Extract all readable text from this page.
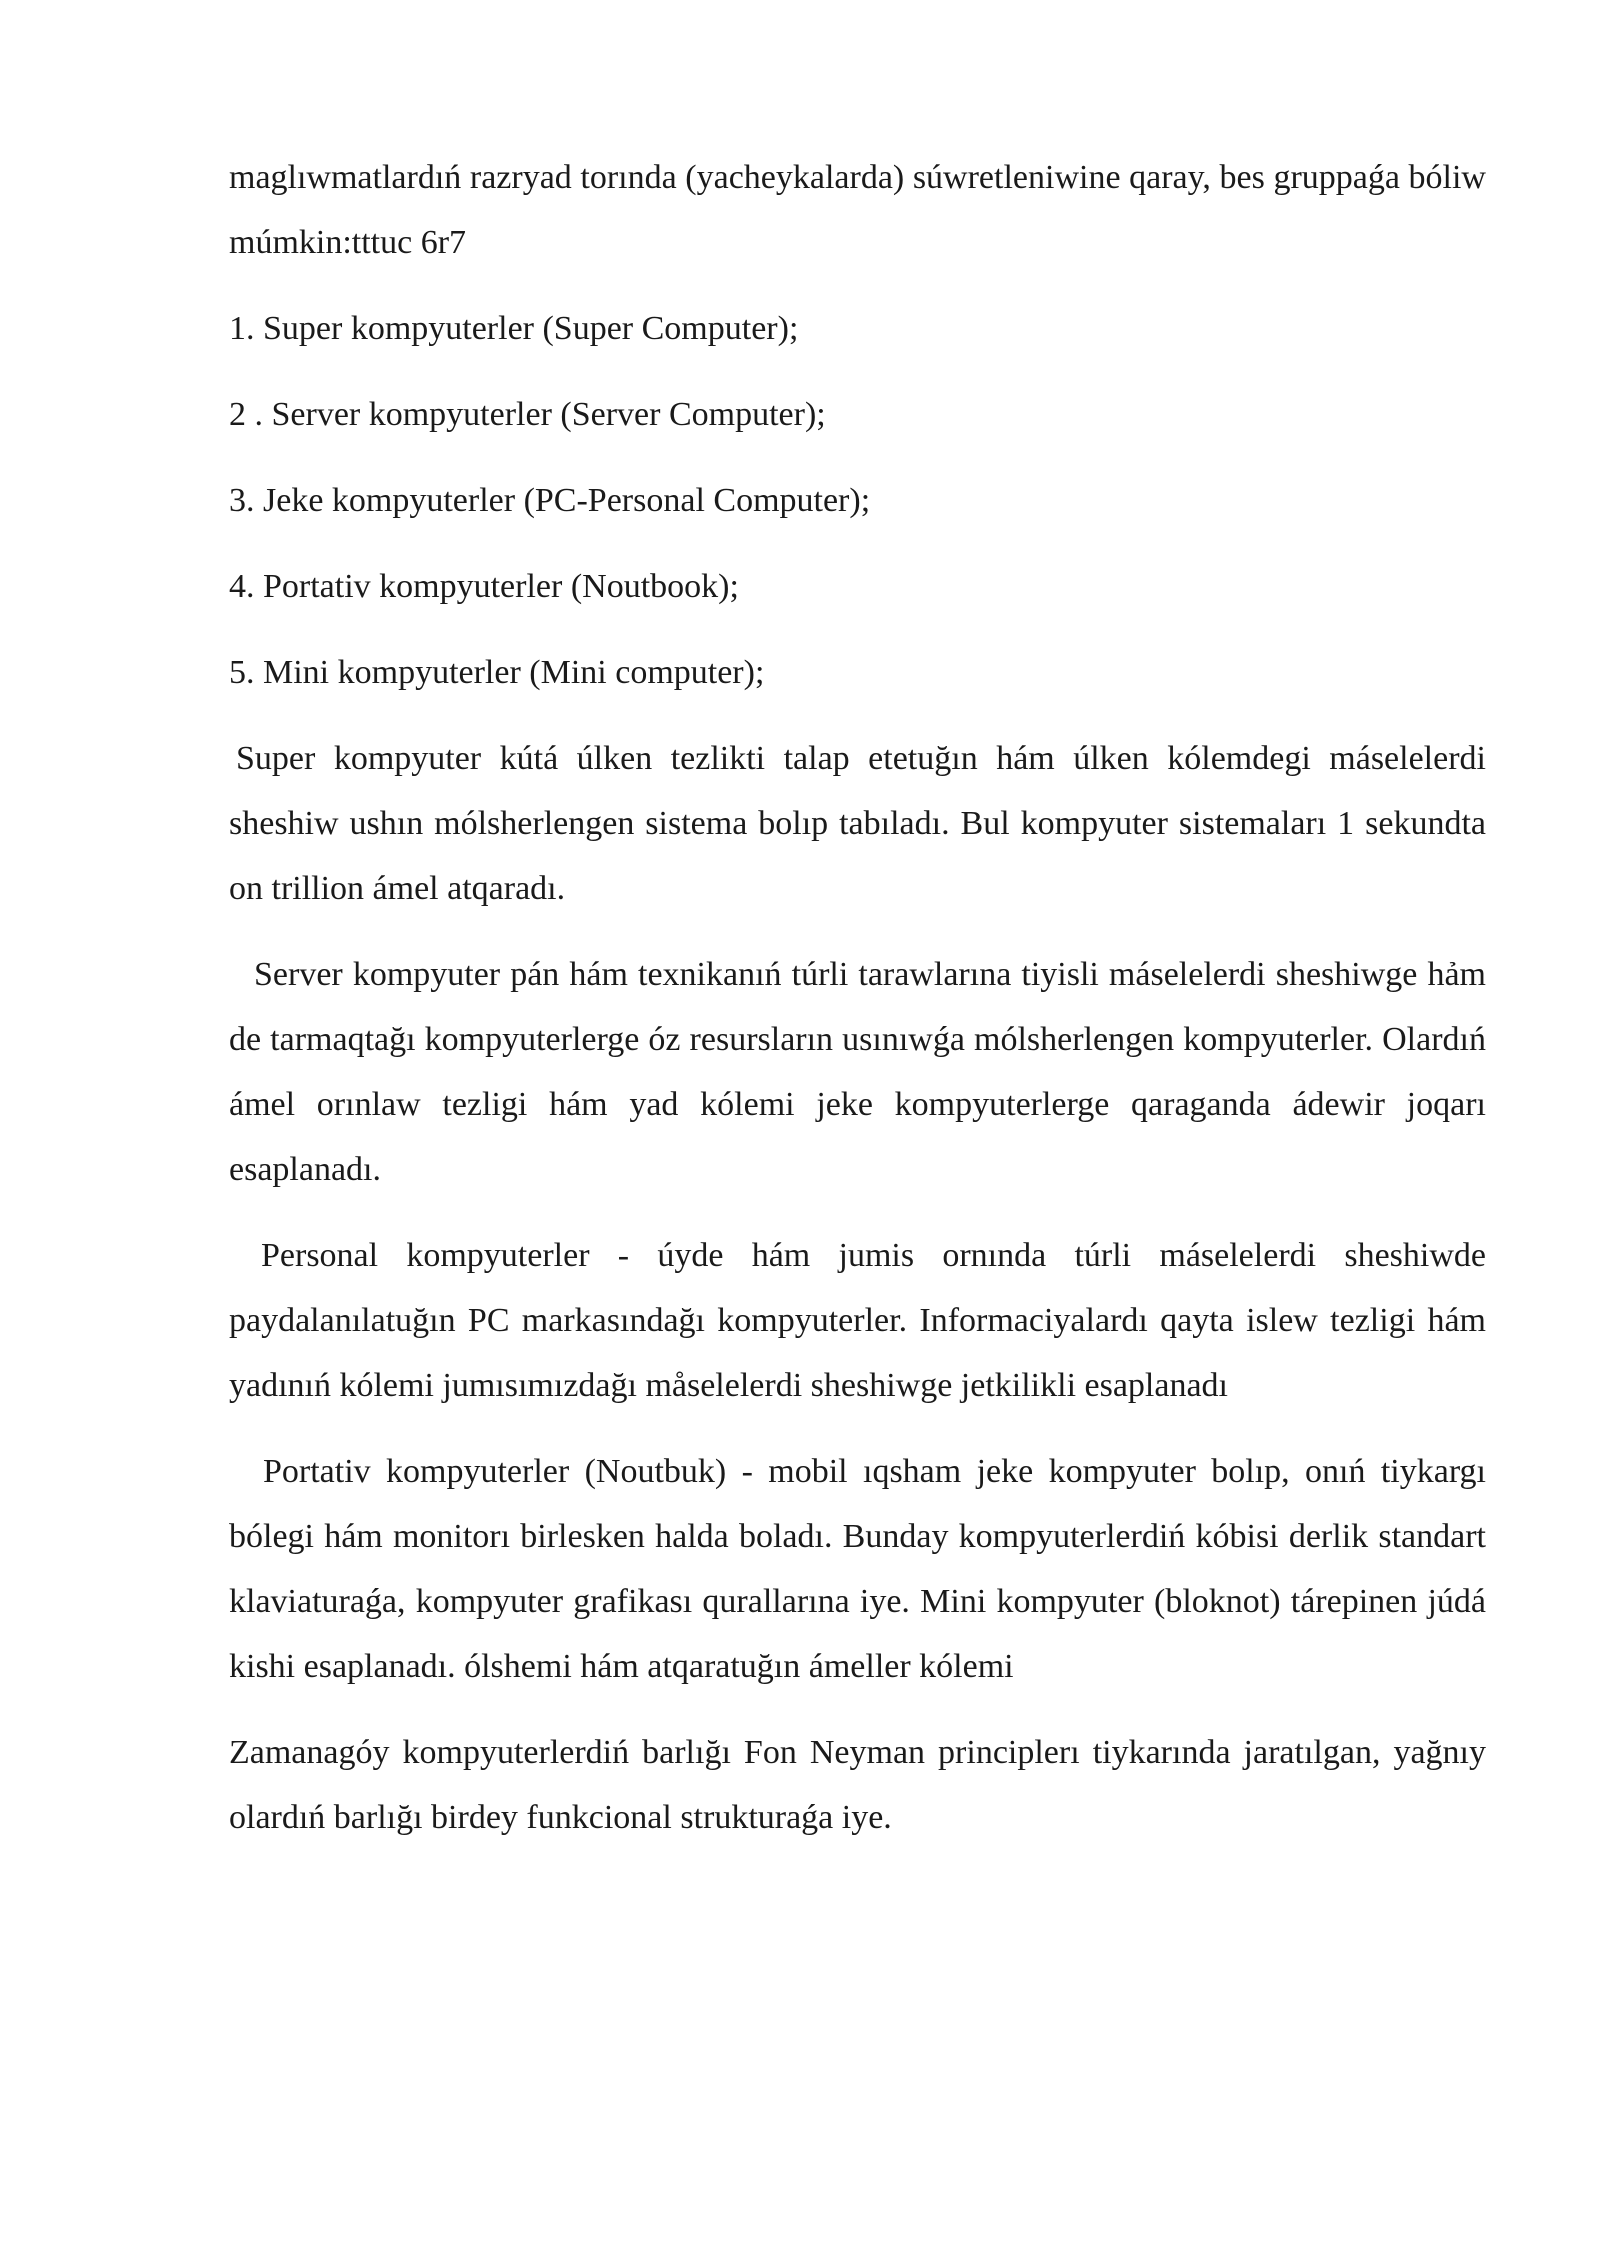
maglıwmatlardıń razryad torında (yacheykalarda) súwretleniwine qaray, bes gruppaǵa bóliw múmkin:tttuc 6r7

1. Super kompyuterler (Super Computer);

2 . Server kompyuterler (Server Computer);

3. Jeke kompyuterler (PC-Personal Computer);

4. Portativ kompyuterler (Noutbook);

5. Mini kompyuterler (Mini computer);

Super kompyuter kútá úlken tezlikti talap etetuğın hám úlken kólemdegi máselelerdi sheshiw ushın mólsherlengen sistema bolıp tabıladı. Bul kompyuter sistemaları 1 sekundta on trillion ámel atqaradı.

Server kompyuter pán hám texnikanıń túrli tarawlarına tiyisli máselelerdi sheshiwge hảm de tarmaqtağı kompyuterlerge óz resursların usınıwǵa mólsherlengen kompyuterler. Olardıń ámel orınlaw tezligi hám yad kólemi jeke kompyuterlerge qaraganda ádewir joqarı esaplanadı.

Personal kompyuterler - úyde hám jumis ornında túrli máselelerdi sheshiwde paydalanılatuğın PC markasındağı kompyuterler. Informaciyalardı qayta islew tezligi hám yadınıń kólemi jumısımızdağı måselelerdi sheshiwge jetkilikli esaplanadı

Portativ kompyuterler (Noutbuk) - mobil ıqsham jeke kompyuter bolıp, onıń tiykargı bólegi hám monitorı birlesken halda boladı. Bunday kompyuterlerdiń kóbisi derlik standart klaviaturaǵa, kompyuter grafikası qurallarına iye. Mini kompyuter (bloknot) tárepinen júdá kishi esaplanadı. ólshemi hám atqaratuğın ámeller kólemi

Zamanagóy kompyuterlerdiń barlığı Fon Neyman principlerı tiykarında jaratılgan, yağnıy olardıń barlığı birdey funkcional strukturaǵa iye.
